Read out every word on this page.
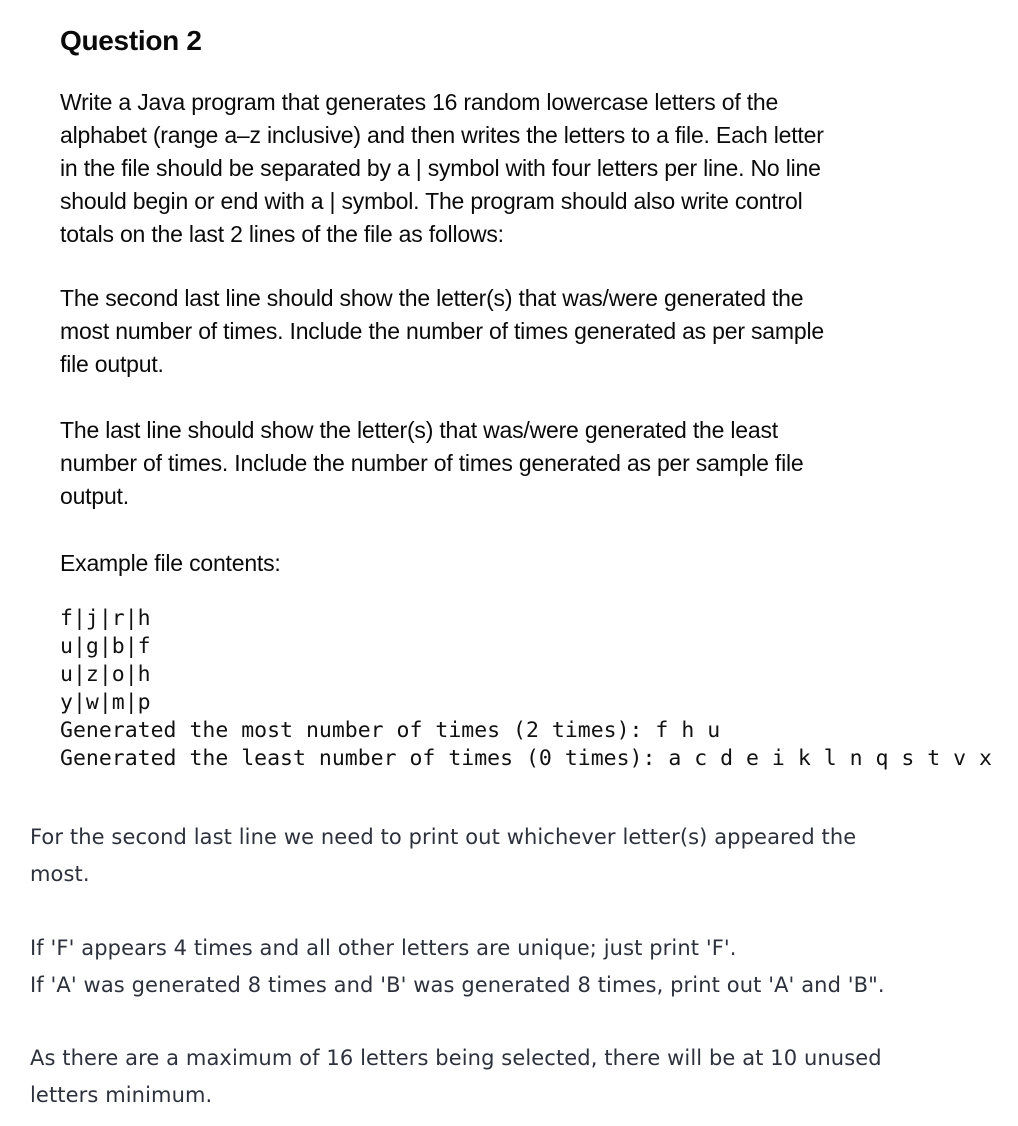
Question 2

Write a Java program that generates 16 random lowercase letters of the
alphabet (range a–z inclusive) and then writes the letters to a file. Each letter
in the file should be separated by a | symbol with four letters per line. No line
should begin or end with a | symbol. The program should also write control
totals on the last 2 lines of the file as follows:

The second last line should show the letter(s) that was/were generated the
most number of times. Include the number of times generated as per sample
file output.

The last line should show the letter(s) that was/were generated the least
number of times. Include the number of times generated as per sample file
output.

Example file contents:

f|j|r|h
u|g|b|f
u|z|o|h
y|w|m|p
Generated the most number of times (2 times): f h u
Generated the least number of times (0 times): a c d e i k l n q s t v x

For the second last line we need to print out whichever letter(s) appeared the
most.

If 'F' appears 4 times and all other letters are unique; just print 'F'.
If 'A' was generated 8 times and 'B' was generated 8 times, print out 'A' and 'B".

As there are a maximum of 16 letters being selected, there will be at 10 unused
letters minimum.
